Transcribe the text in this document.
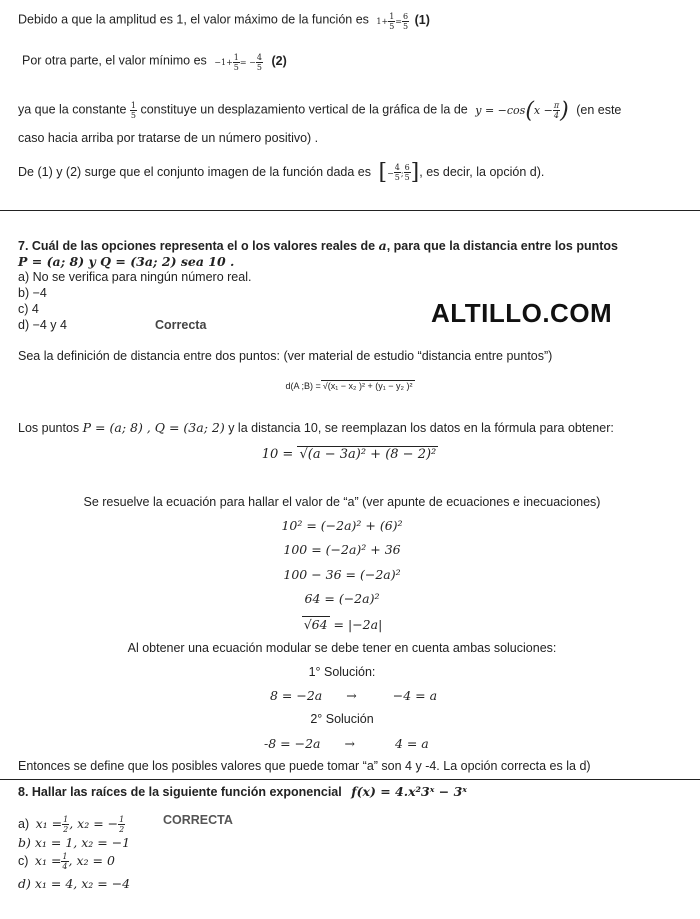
Debido a que la amplitud es 1, el valor máximo de la función es $1+ \frac{1}{5} = \frac{6}{5} (1)$
Por otra parte, el valor mínimo es $-1+ \frac{1}{5}$ = − $\frac{4}{5} (2)$
ya que la constante $\frac{1}{5}$ constituye un desplazamiento vertical de la gráfica de la de $y = -\cos(x - \frac{\pi}{4}$ ) (en este
caso hacia arriba por tratarse de un número positivo) .
De (1) y (2) surge que el conjunto imagen de la función dada es [− $\frac{4}{5}$ ; $\frac{6}{5}$ ], es decir, la opción d).
7. Cuál de las opciones representa el o los valores reales de a, para que la distancia entre los puntos
P = (a; 8) y Q = (3a; 2) sea 10 .
a) No se verifica para ningún número real.
b) −4
c) 4
d) −4 y 4	Correcta	ALTILLO.COM
Sea la definición de distancia entre dos puntos: (ver material de estudio “distancia entre puntos”)
d(A ;B) = √(x₁ − x₂ )² + (y₁ − y₂ )²
Los puntos P = (a; 8) , Q = (3a; 2) y la distancia 10, se reemplazan los datos en la fórmula para obtener:
10 = √(a − 3a)² + (8 − 2)²
Se resuelve la ecuación para hallar el valor de “a” (ver apunte de ecuaciones e inecuaciones)
10² = (−2a)² + (6)²
100 = (−2a)² + 36
100 − 36 = (−2a)²
64 = (−2a)²
√64 = |−2a|
Al obtener una ecuación modular se debe tener en cuenta ambas soluciones:
1° Solución:
8 = −2a →	−4 = a
2° Solución
-8 = −2a →	4 = a
Entonces se define que los posibles valores que puede tomar “a” son 4 y -4. La opción correcta es la d)
8. Hallar las raíces de la siguiente función exponencial f(x) = 4.x²3ˣ − 3ˣ
a) $x_1 = \frac{1}{2}$ , x₂ = − $\frac{1}{2}$	CORRECTA
b) x₁ = 1, x₂ = −1
c) $x_1 = \frac{1}{4}$ , x₂ = 0
d) x₁ = 4, x₂ = −4
